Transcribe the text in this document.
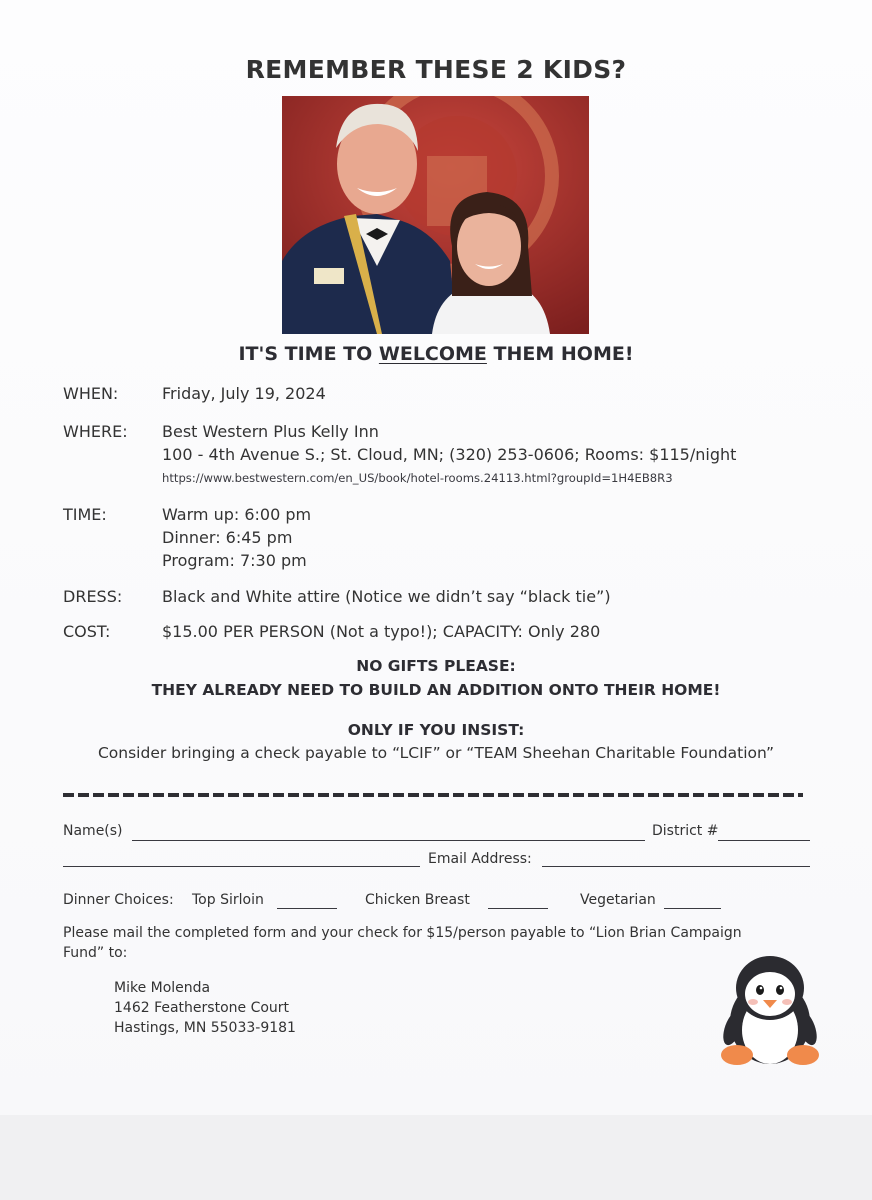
REMEMBER THESE 2 KIDS?
IT'S TIME TO WELCOME THEM HOME!
WHEN:	Friday, July 19, 2024
WHERE: Best Western Plus Kelly Inn
100 - 4th Avenue S.; St. Cloud, MN; (320) 253-0606; Rooms: $115/night
https://www.bestwestern.com/en_US/book/hotel-rooms.24113.html?groupId=1H4EB8R3
TIME:	Warm up: 6:00 pm
Dinner: 6:45 pm
Program: 7:30 pm
DRESS: Black and White attire (Notice we didn’t say “black tie”)
COST:	$15.00 PER PERSON (Not a typo!); CAPACITY: Only 280
NO GIFTS PLEASE:
THEY ALREADY NEED TO BUILD AN ADDITION ONTO THEIR HOME!
ONLY IF YOU INSIST:
Consider bringing a check payable to “LCIF” or “TEAM Sheehan Charitable Foundation”
Name(s)	District #
Email Address:
Dinner Choices: Top Sirloin	Chicken Breast	Vegetarian
Please mail the completed form and your check for $15/person payable to “Lion Brian Campaign
Fund” to:
Mike Molenda
1462 Featherstone Court
Hastings, MN 55033-9181
